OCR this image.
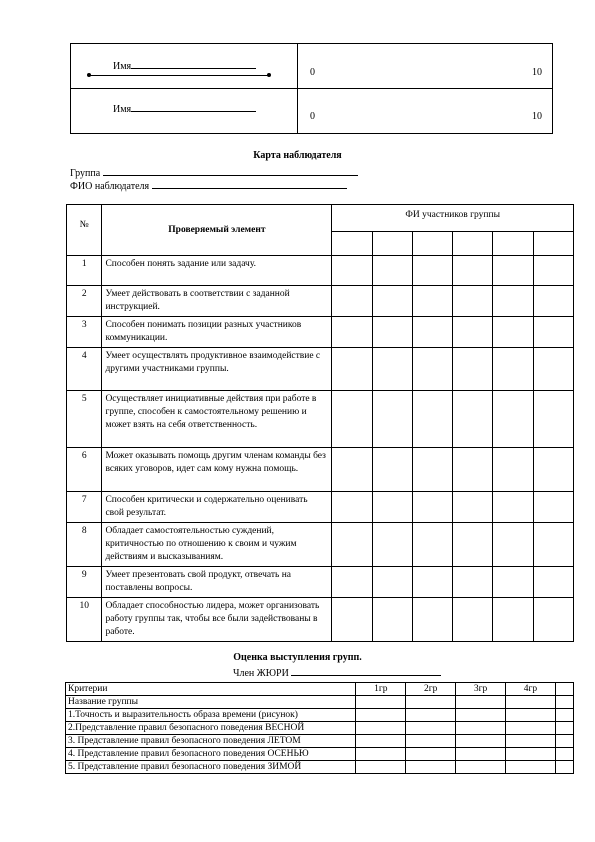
Имя	0 10

Имя	0 10
Карта наблюдателя
Группа
ФИО наблюдателя
№	Проверяемый элемент	ФИ участников группы					

1	Способен понять задание или задачу.						
2	Умеет действовать в соответствии с заданной инструкцией.						
3	Способен понимать позиции разных участников коммуникации.						
4	Умеет осуществлять продуктивное взаимодействие с другими участниками группы.						
5	Осуществляет инициативные действия при работе в группе, способен к самостоятельному решению и может взять на себя ответственность.						
6	Может оказывать помощь другим членам команды без всяких уговоров, идет сам кому нужна помощь.						
7	Способен критически и содержательно оценивать свой результат.						
8	Обладает самостоятельностью суждений, критичностью по отношению к своим и чужим действиям и высказываниям.						
9	Умеет презентовать свой продукт, отвечать на поставлены вопросы.						
10	Обладает способностью лидера, может организовать работу группы так, чтобы все были задействованы в работе.						
Оценка выступления групп.
Член ЖЮРИ
Критерии	1гр	2гр	3гр	4гр	
Название группы					
1.Точность и выразительность образа времени (рисунок)					
2.Представление правил безопасного поведения ВЕСНОЙ					
3. Представление правил безопасного поведения ЛЕТОМ					
4. Представление правил безопасного поведения ОСЕНЬЮ					
5. Представление правил безопасного поведения ЗИМОЙ					
